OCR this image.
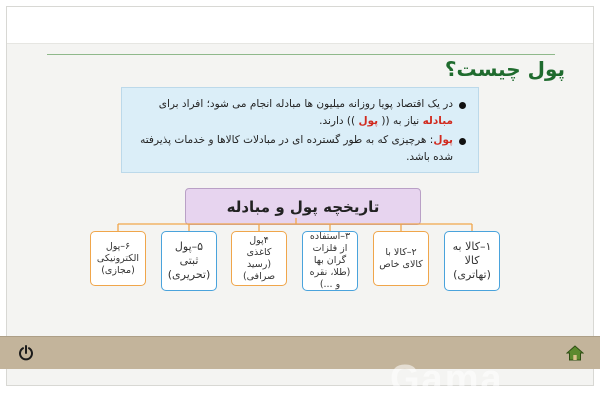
پول چیست؟
در یک اقتصاد پویا روزانه میلیون ها مبادله انجام می شود؛ افراد برای مبادله نیاز به (( پول )) دارند.
پول: هرچیزی که به طور گسترده ای در مبادلات کالاها و خدمات پذیرفته شده باشد.
تاریخچه پول و مبادله
۱–کالا به
کالا
(تهاتری)
۲–کالا با
کالای خاص
۳–استفاده
از فلزات
گران بها
(طلا، نقره
و ...)
۴پول
کاغذی
(رسید
صرافی)
۵–پول
ثبتی
(تحریری)
۶–پول
الکترونیکی
(مجازی)
Gama
